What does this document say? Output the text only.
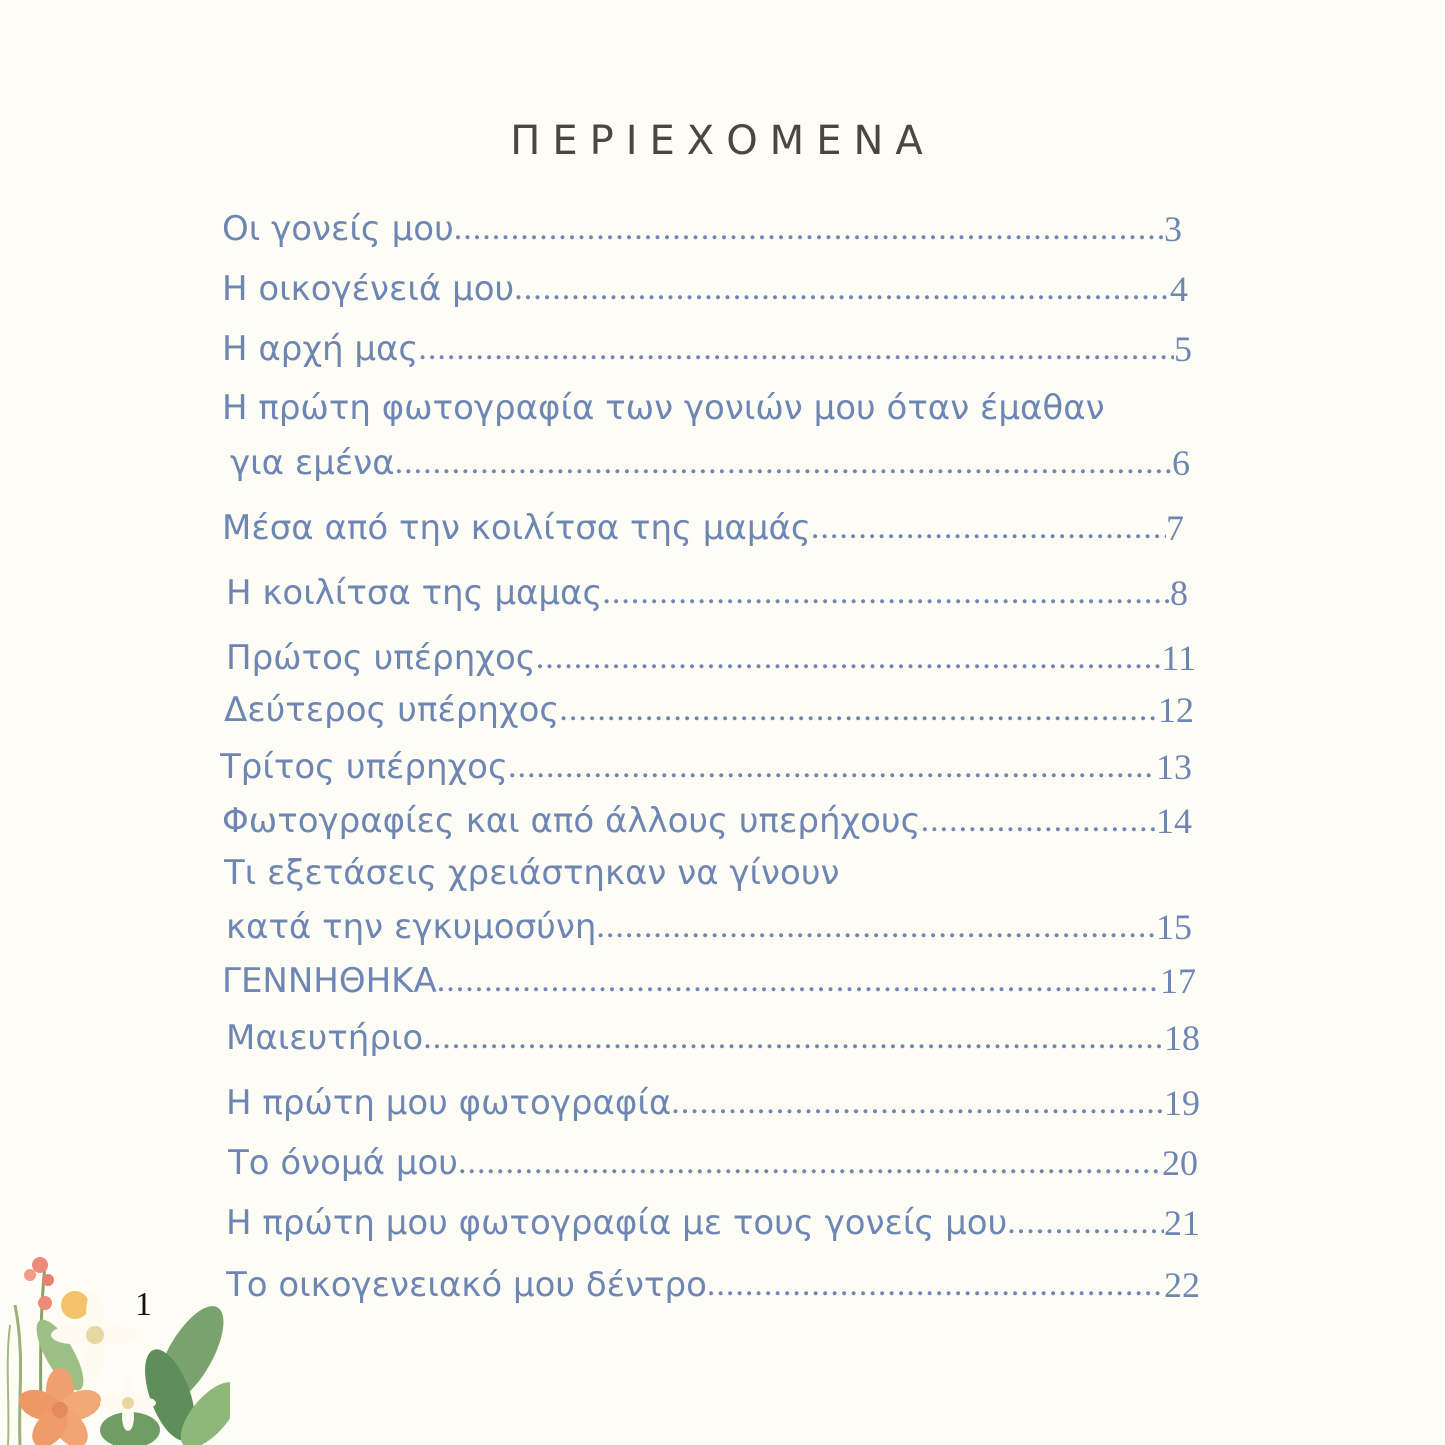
ΠΕΡΙΕΧΟΜΕΝΑ
Οι γονείς μου .....	3
Η οικογένειά μου .....	4
Η αρχή μας .....	5
Η πρώτη φωτογραφία των γονιών μου όταν έμαθαν
για εμένα .....	6
Μέσα από την κοιλίτσα της μαμάς .....	7
Η κοιλίτσα της μαμας .....	8
Πρώτος υπέρηχος .....	11
Δεύτερος υπέρηχος .....	12
Τρίτος υπέρηχος .....	13
Φωτογραφίες και από άλλους υπερήχους .....	14
Τι εξετάσεις χρειάστηκαν να γίνουν
κατά την εγκυμοσύνη .....	15
ΓΕΝΝΗΘΗΚΑ .....	17
Μαιευτήριο .....	18
Η πρώτη μου φωτογραφία .....	19
Το όνομά μου .....	20
Η πρώτη μου φωτογραφία με τους γονείς μου .....	21
Το οικογενειακό μου δέντρο .....	22
1
